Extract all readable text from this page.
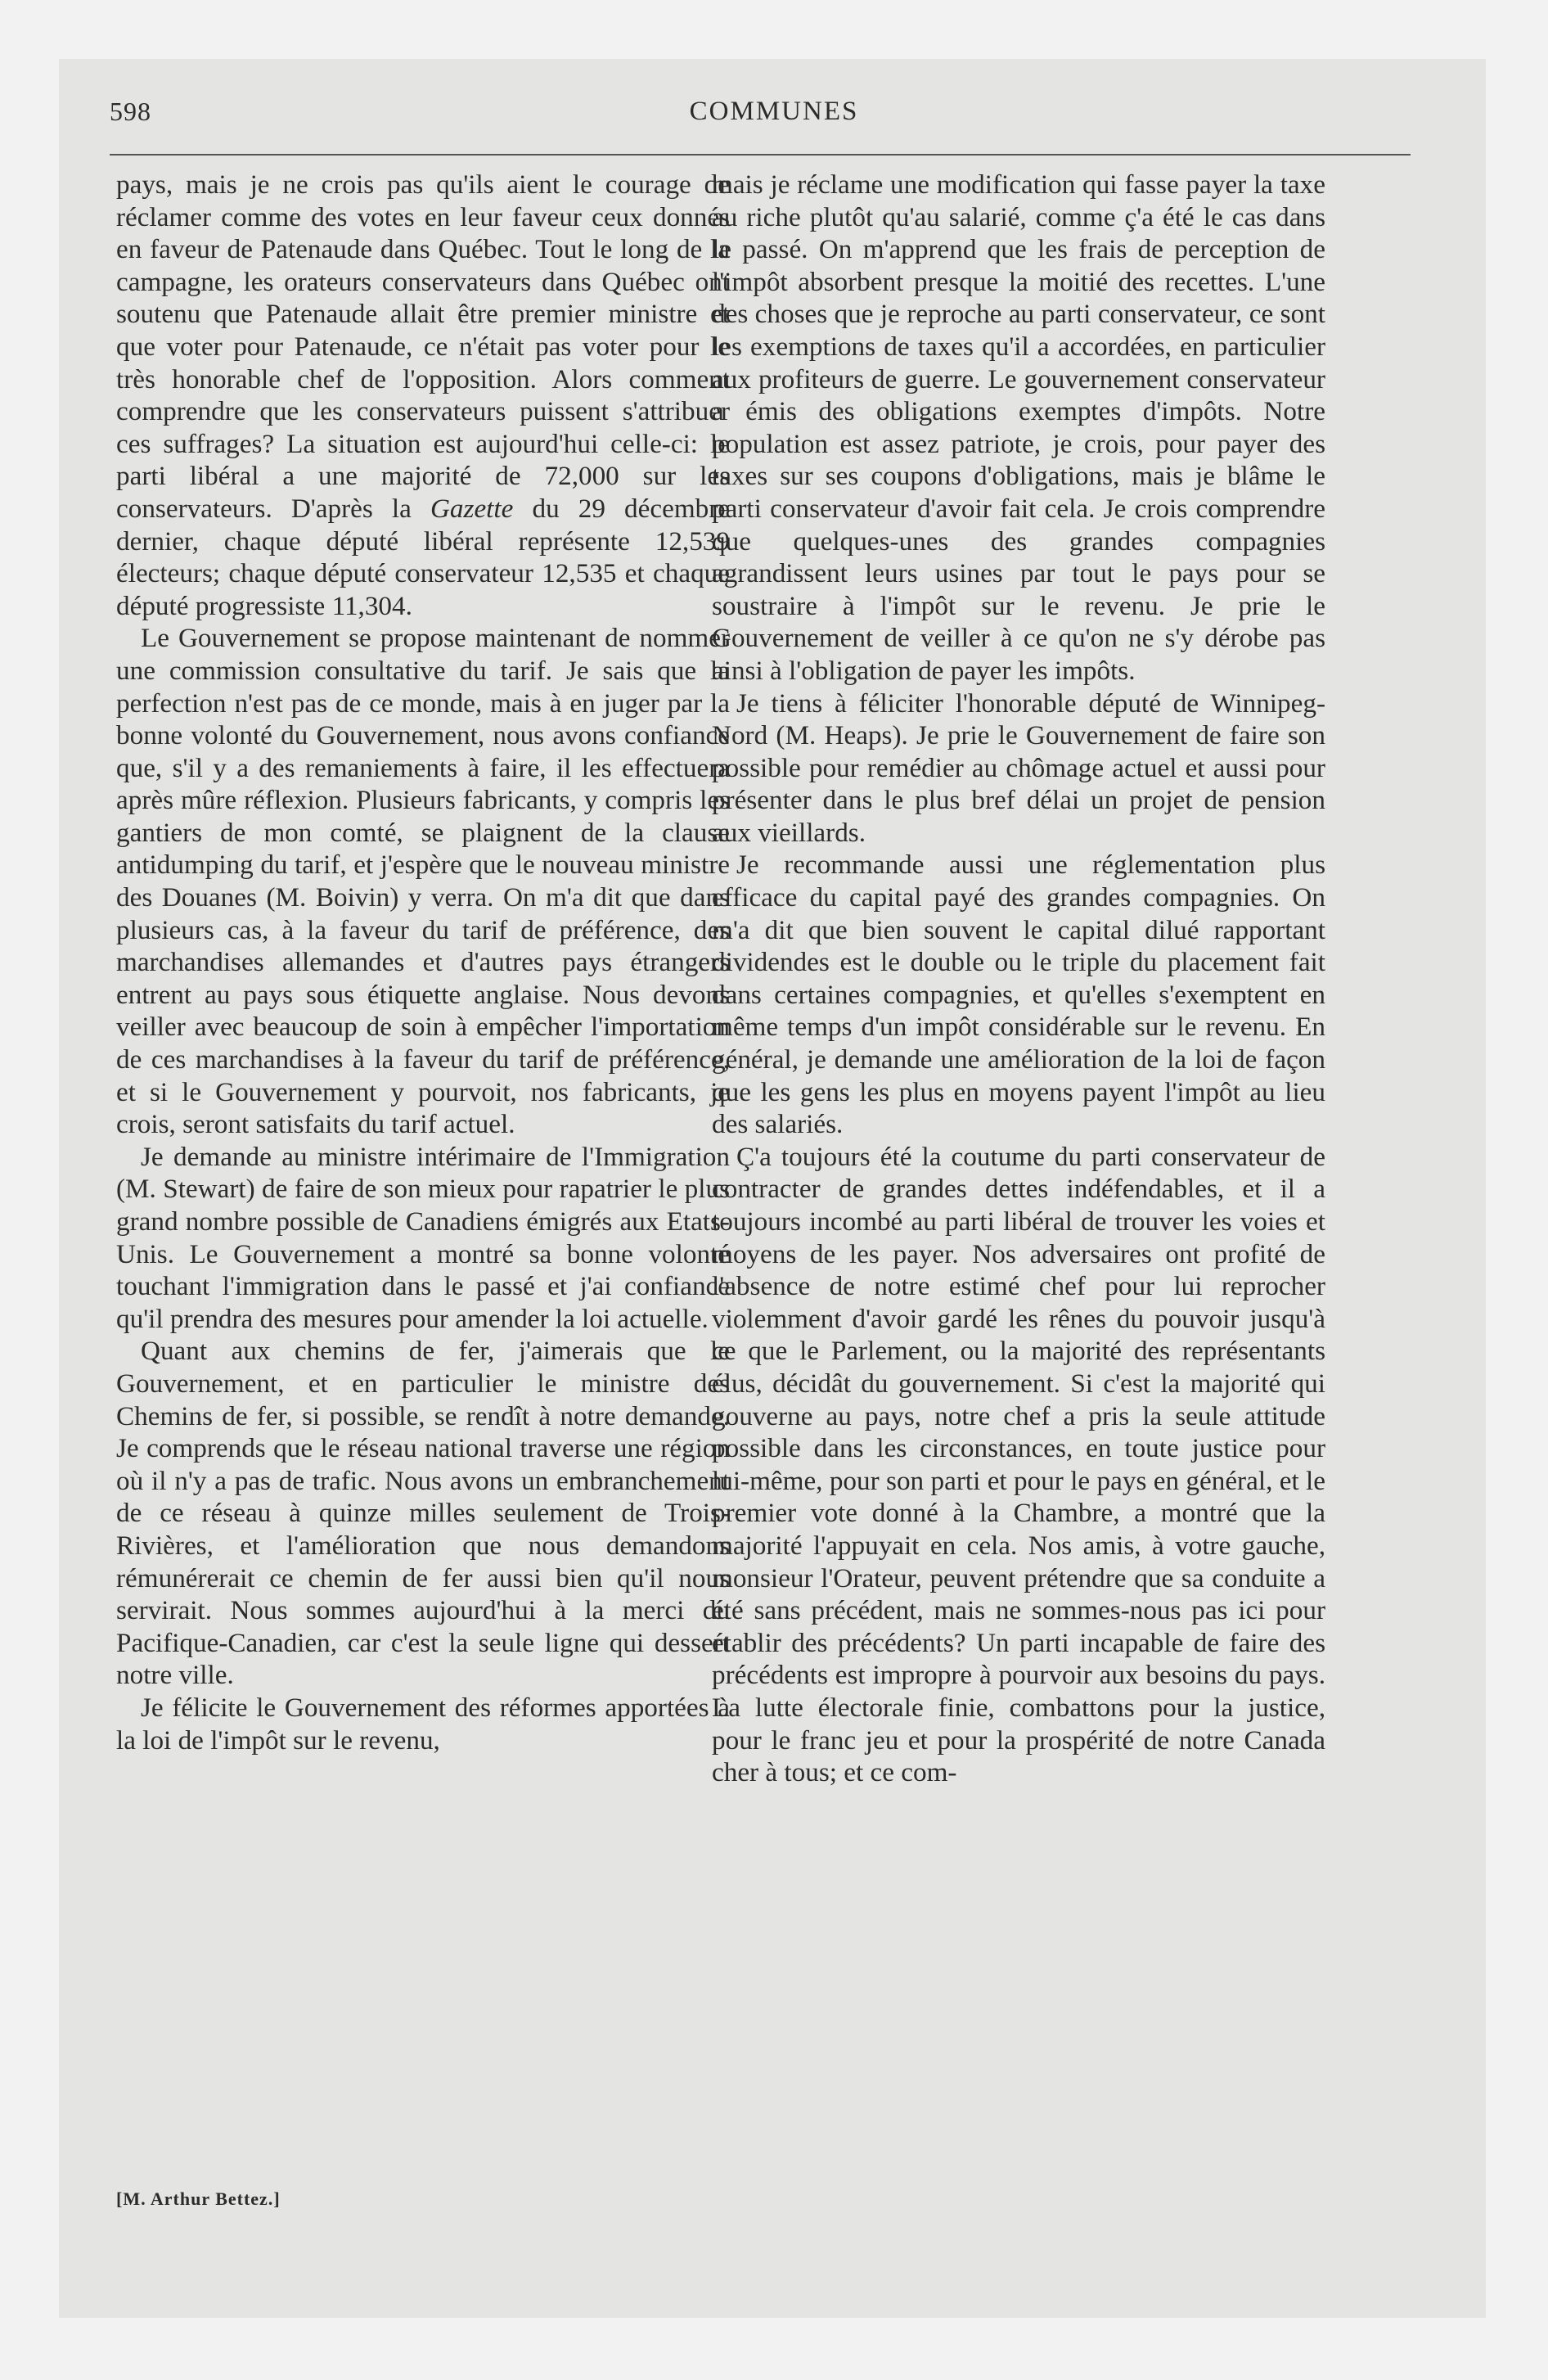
598	COMMUNES

pays, mais je ne crois pas qu'ils aient le courage de réclamer comme des votes en leur faveur ceux donnés en faveur de Patenaude dans Québec. Tout le long de la campagne, les orateurs conservateurs dans Québec ont soutenu que Patenaude allait être premier ministre et que voter pour Patenaude, ce n'était pas voter pour le très honorable chef de l'opposition. Alors comment comprendre que les conservateurs puissent s'attribuer ces suffrages? La situation est aujourd'hui celle-ci: le parti libéral a une majorité de 72,000 sur les conservateurs. D'après la Gazette du 29 décembre dernier, chaque député libéral représente 12,539 électeurs; chaque député conservateur 12,535 et chaque député progressiste 11,304.

Le Gouvernement se propose maintenant de nommer une commission consultative du tarif. Je sais que la perfection n'est pas de ce monde, mais à en juger par la bonne volonté du Gouvernement, nous avons confiance que, s'il y a des remaniements à faire, il les effectuera après mûre réflexion. Plusieurs fabricants, y compris les gantiers de mon comté, se plaignent de la clause antidumping du tarif, et j'espère que le nouveau ministre des Douanes (M. Boivin) y verra. On m'a dit que dans plusieurs cas, à la faveur du tarif de préférence, des marchandises allemandes et d'autres pays étrangers entrent au pays sous étiquette anglaise. Nous devons veiller avec beaucoup de soin à empêcher l'importation de ces marchandises à la faveur du tarif de préférence, et si le Gouvernement y pourvoit, nos fabricants, je crois, seront satisfaits du tarif actuel.

Je demande au ministre intérimaire de l'Immigration (M. Stewart) de faire de son mieux pour rapatrier le plus grand nombre possible de Canadiens émigrés aux Etats-Unis. Le Gouvernement a montré sa bonne volonté touchant l'immigration dans le passé et j'ai confiance qu'il prendra des mesures pour amender la loi actuelle.

Quant aux chemins de fer, j'aimerais que le Gouvernement, et en particulier le ministre des Chemins de fer, si possible, se rendît à notre demande. Je comprends que le réseau national traverse une région où il n'y a pas de trafic. Nous avons un embranchement de ce réseau à quinze milles seulement de Trois-Rivières, et l'amélioration que nous demandons rémunérerait ce chemin de fer aussi bien qu'il nous servirait. Nous sommes aujourd'hui à la merci du Pacifique-Canadien, car c'est la seule ligne qui dessert notre ville.

Je félicite le Gouvernement des réformes apportées à la loi de l'impôt sur le revenu,

mais je réclame une modification qui fasse payer la taxe au riche plutôt qu'au salarié, comme ç'a été le cas dans le passé. On m'apprend que les frais de perception de l'impôt absorbent presque la moitié des recettes. L'une des choses que je reproche au parti conservateur, ce sont les exemptions de taxes qu'il a accordées, en particulier aux profiteurs de guerre. Le gouvernement conservateur a émis des obligations exemptes d'impôts. Notre population est assez patriote, je crois, pour payer des taxes sur ses coupons d'obligations, mais je blâme le parti conservateur d'avoir fait cela. Je crois comprendre que quelques-unes des grandes compagnies agrandissent leurs usines par tout le pays pour se soustraire à l'impôt sur le revenu. Je prie le Gouvernement de veiller à ce qu'on ne s'y dérobe pas ainsi à l'obligation de payer les impôts.

Je tiens à féliciter l'honorable député de Winnipeg-Nord (M. Heaps). Je prie le Gouvernement de faire son possible pour remédier au chômage actuel et aussi pour présenter dans le plus bref délai un projet de pension aux vieillards.

Je recommande aussi une réglementation plus efficace du capital payé des grandes compagnies. On m'a dit que bien souvent le capital dilué rapportant dividendes est le double ou le triple du placement fait dans certaines compagnies, et qu'elles s'exemptent en même temps d'un impôt considérable sur le revenu. En général, je demande une amélioration de la loi de façon que les gens les plus en moyens payent l'impôt au lieu des salariés.

Ç'a toujours été la coutume du parti conservateur de contracter de grandes dettes indéfendables, et il a toujours incombé au parti libéral de trouver les voies et moyens de les payer. Nos adversaires ont profité de l'absence de notre estimé chef pour lui reprocher violemment d'avoir gardé les rênes du pouvoir jusqu'à ce que le Parlement, ou la majorité des représentants élus, décidât du gouvernement. Si c'est la majorité qui gouverne au pays, notre chef a pris la seule attitude possible dans les circonstances, en toute justice pour lui-même, pour son parti et pour le pays en général, et le premier vote donné à la Chambre, a montré que la majorité l'appuyait en cela. Nos amis, à votre gauche, monsieur l'Orateur, peuvent prétendre que sa conduite a été sans précédent, mais ne sommes-nous pas ici pour établir des précédents? Un parti incapable de faire des précédents est impropre à pourvoir aux besoins du pays. La lutte électorale finie, combattons pour la justice, pour le franc jeu et pour la prospérité de notre Canada cher à tous; et ce com-

[M. Arthur Bettez.]
